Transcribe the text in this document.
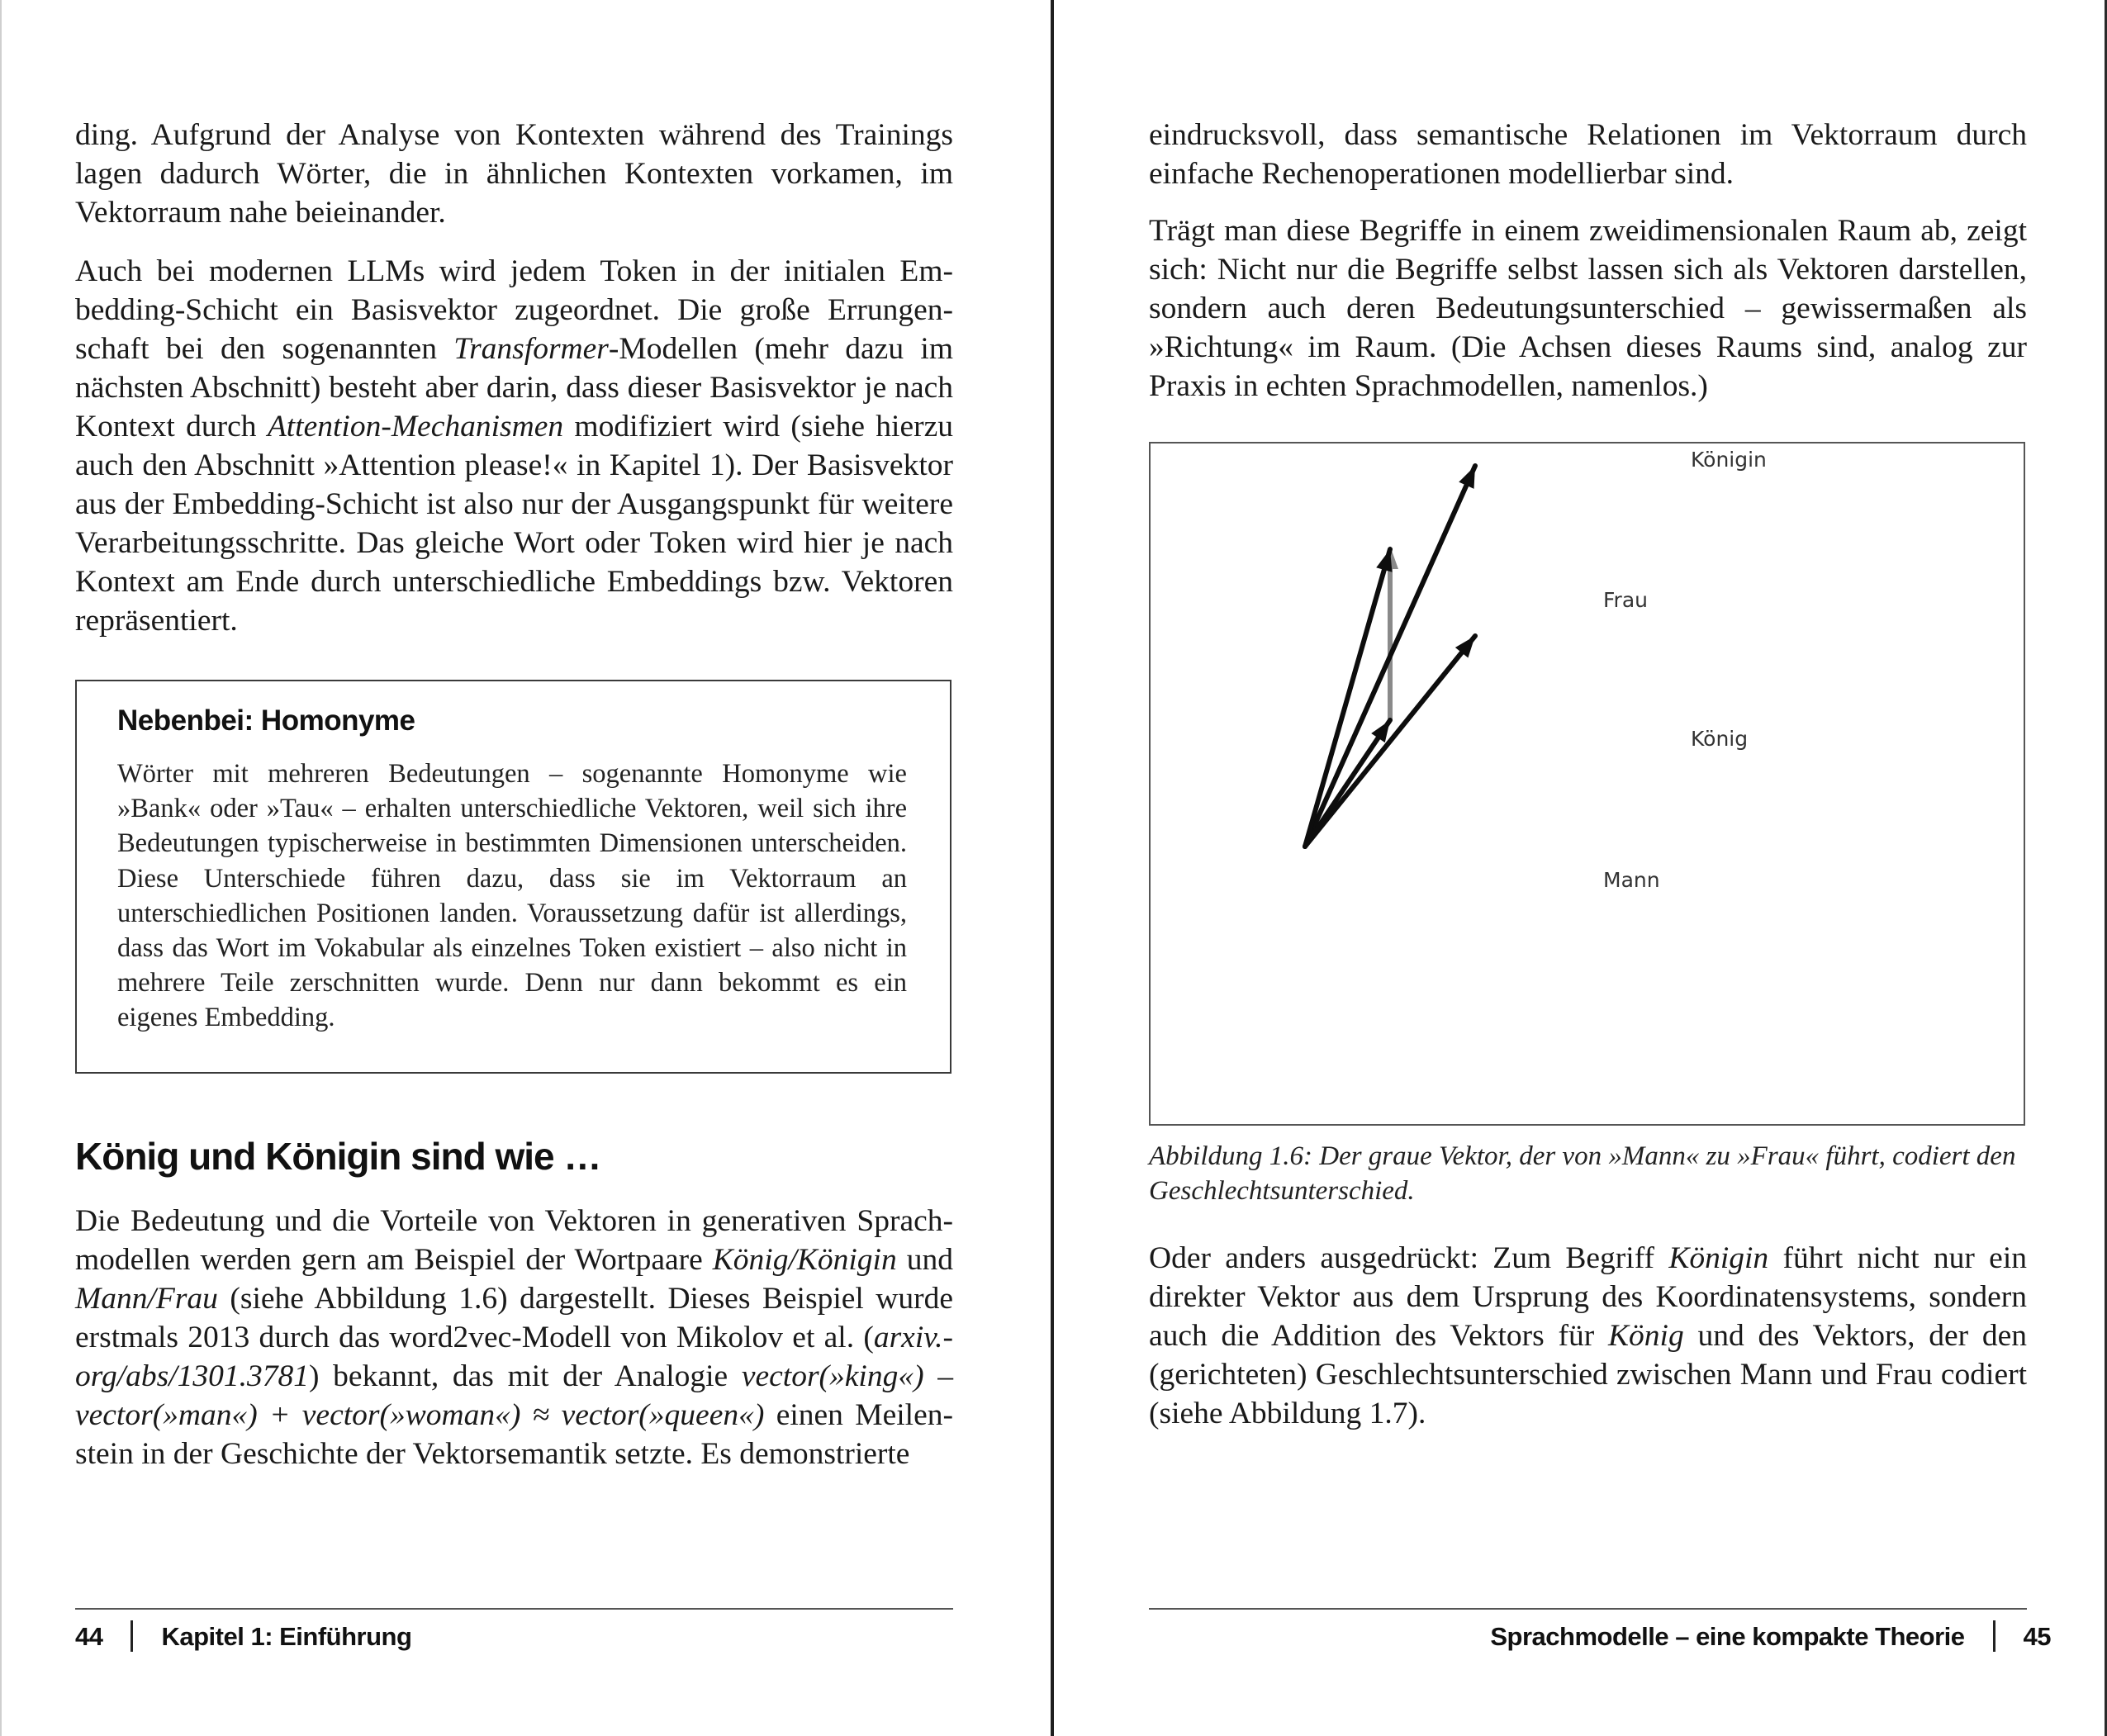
ding. Aufgrund der Analyse von Kontexten während des Trainings
lagen dadurch Wörter, die in ähnlichen Kontexten vorkamen, im
Vektorraum nahe beieinander.

Auch bei modernen LLMs wird jedem Token in der initialen Embedding-Schicht ein Basisvektor zugeordnet. Die große Errungenschaft bei den sogenannten Transformer-Modellen (mehr dazu im nächsten Abschnitt) besteht aber darin, dass dieser Basisvektor je nach Kontext durch Attention-Mechanismen modifiziert wird (siehe hierzu auch den Abschnitt »Attention please!« in Kapitel 1). Der Basisvektor aus der Embedding-Schicht ist also nur der Ausgangspunkt für weitere Verarbeitungsschritte. Das gleiche Wort oder Token wird hier je nach Kontext am Ende durch unterschiedliche Embeddings bzw. Vektoren repräsentiert.

Nebenbei: Homonyme
Wörter mit mehreren Bedeutungen – sogenannte Homonyme wie »Bank« oder »Tau« – erhalten unterschiedliche Vektoren, weil sich ihre Bedeutungen typischerweise in bestimmten Dimensionen unterscheiden. Diese Unterschiede führen dazu, dass sie im Vektorraum an unterschiedlichen Positionen landen. Voraussetzung dafür ist allerdings, dass das Wort im Vokabular als einzelnes Token existiert – also nicht in mehrere Teile zerschnitten wurde. Denn nur dann bekommt es ein eigenes Embedding.
König und Königin sind wie …

Die Bedeutung und die Vorteile von Vektoren in generativen Sprachmodellen werden gern am Beispiel der Wortpaare König/Königin und Mann/Frau (siehe Abbildung 1.6) dargestellt. Dieses Beispiel wurde erstmals 2013 durch das word2vec-Modell von Mikolov et al. (arxiv.org/abs/1301.3781) bekannt, das mit der Analogie vector(»king«) – vector(»man«) + vector(»woman«) ≈ vector(»queen«) einen Meilenstein in der Geschichte der Vektorsemantik setzte. Es demonstrierte

44 Kapitel 1: Einführung

eindrucksvoll, dass semantische Relationen im Vektorraum durch einfache Rechenoperationen modellierbar sind.

Trägt man diese Begriffe in einem zweidimensionalen Raum ab, zeigt sich: Nicht nur die Begriffe selbst lassen sich als Vektoren darstellen, sondern auch deren Bedeutungsunterschied – gewissermaßen als »Richtung« im Raum. (Die Achsen dieses Raums sind, analog zur Praxis in echten Sprachmodellen, namenlos.)

Königin
Frau
König
Mann
Abbildung 1.6: Der graue Vektor, der von »Mann« zu »Frau« führt, codiert den Geschlechtsunterschied.

Oder anders ausgedrückt: Zum Begriff Königin führt nicht nur ein direkter Vektor aus dem Ursprung des Koordinatensystems, sondern auch die Addition des Vektors für König und des Vektors, der den (gerichteten) Geschlechtsunterschied zwischen Mann und Frau codiert (siehe Abbildung 1.7).

Sprachmodelle – eine kompakte Theorie 45
